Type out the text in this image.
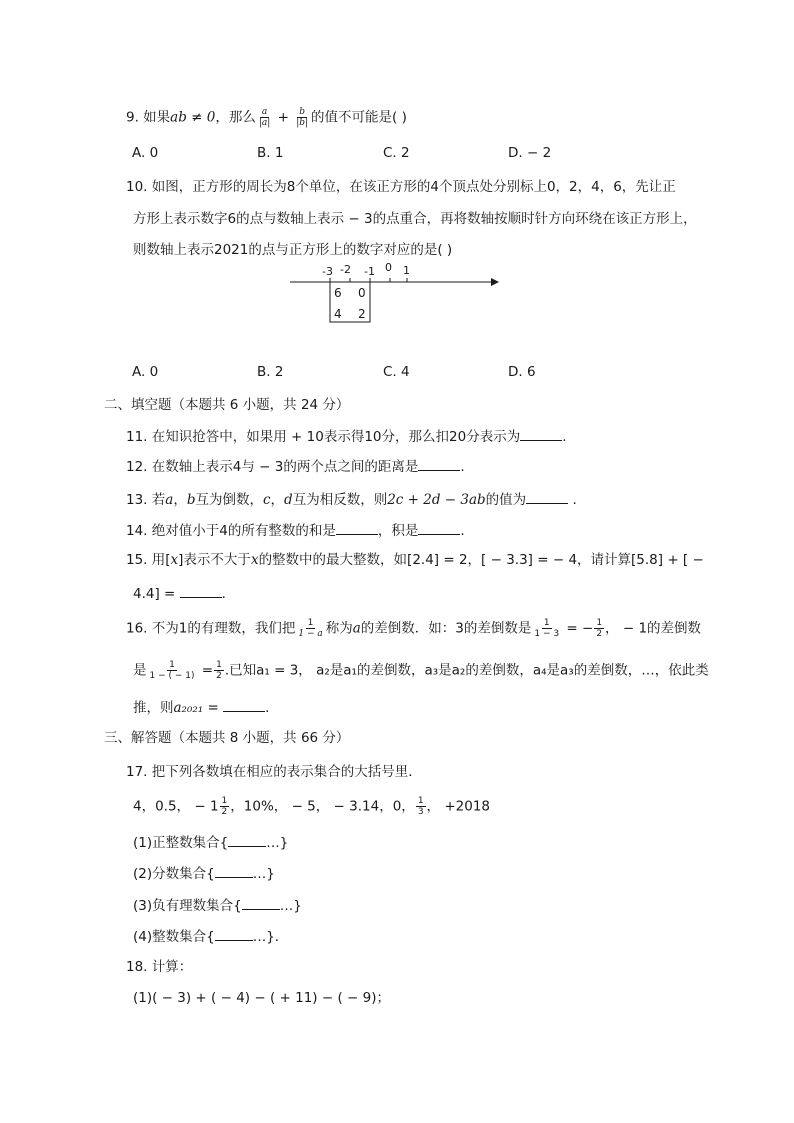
9. 如果ab ≠ 0，那么 $\frac{a}{|a|} + \frac{b}{|b|}$ 的值不可能是( )
A. 0	B. 1	C. 2	D. − 2
10. 如图，正方形的周长为8个单位，在该正方形的4个顶点处分别标上0，2，4，6，先让正
方形上表示数字6的点与数轴上表示 − 3的点重合，再将数轴按顺时针方向环绕在该正方形上，
则数轴上表示2021的点与正方形上的数字对应的是( )
-3 -2 -1 0 1
6 0
4 2
A. 0	B. 2	C. 4	D. 6
二、填空题（本题共 6 小题，共 24 分）
11. 在知识抢答中，如果用 + 10表示得10分，那么扣20分表示为	.
12. 在数轴上表示4与 − 3的两个点之间的距离是	.
13. 若a，b互为倒数，c，d互为相反数，则2c + 2d − 3ab的值为	.
14. 绝对值小于4的所有整数的和是	，积是	.
15. 用[x]表示不大于x的整数中的最大整数，如[2.4] = 2，[ − 3.3] = − 4，请计算[5.8] + [ −
4.4] =	.
16. 不为1的有理数，我们把 $\frac{1}{1 - a}$ 称为a的差倒数．如：3的差倒数是 $\frac{1}{1 - 3}$ = − $\frac{1}{2}$ ， − 1的差倒数
是 $\frac{1}{1 - ( - 1)} = \frac{1}{2}$ .已知a₁ = 3， a₂是a₁的差倒数，a₃是a₂的差倒数，a₄是a₃的差倒数，…，依此类
推，则a₂₀₂₁ =	.
三、解答题（本题共 8 小题，共 66 分）
17. 把下列各数填在相应的表示集合的大括号里．
4，0.5， − $1 \frac{1}{2}$ ，10%， − 5， − 3.14，0， $\frac{1}{3}$ ， +2018
(1)正整数集合{	…}
(2)分数集合{	…}
(3)负有理数集合{	…}
(4)整数集合{	…}．
18. 计算：
(1)( − 3) + ( − 4) − ( + 11) − ( − 9)；
